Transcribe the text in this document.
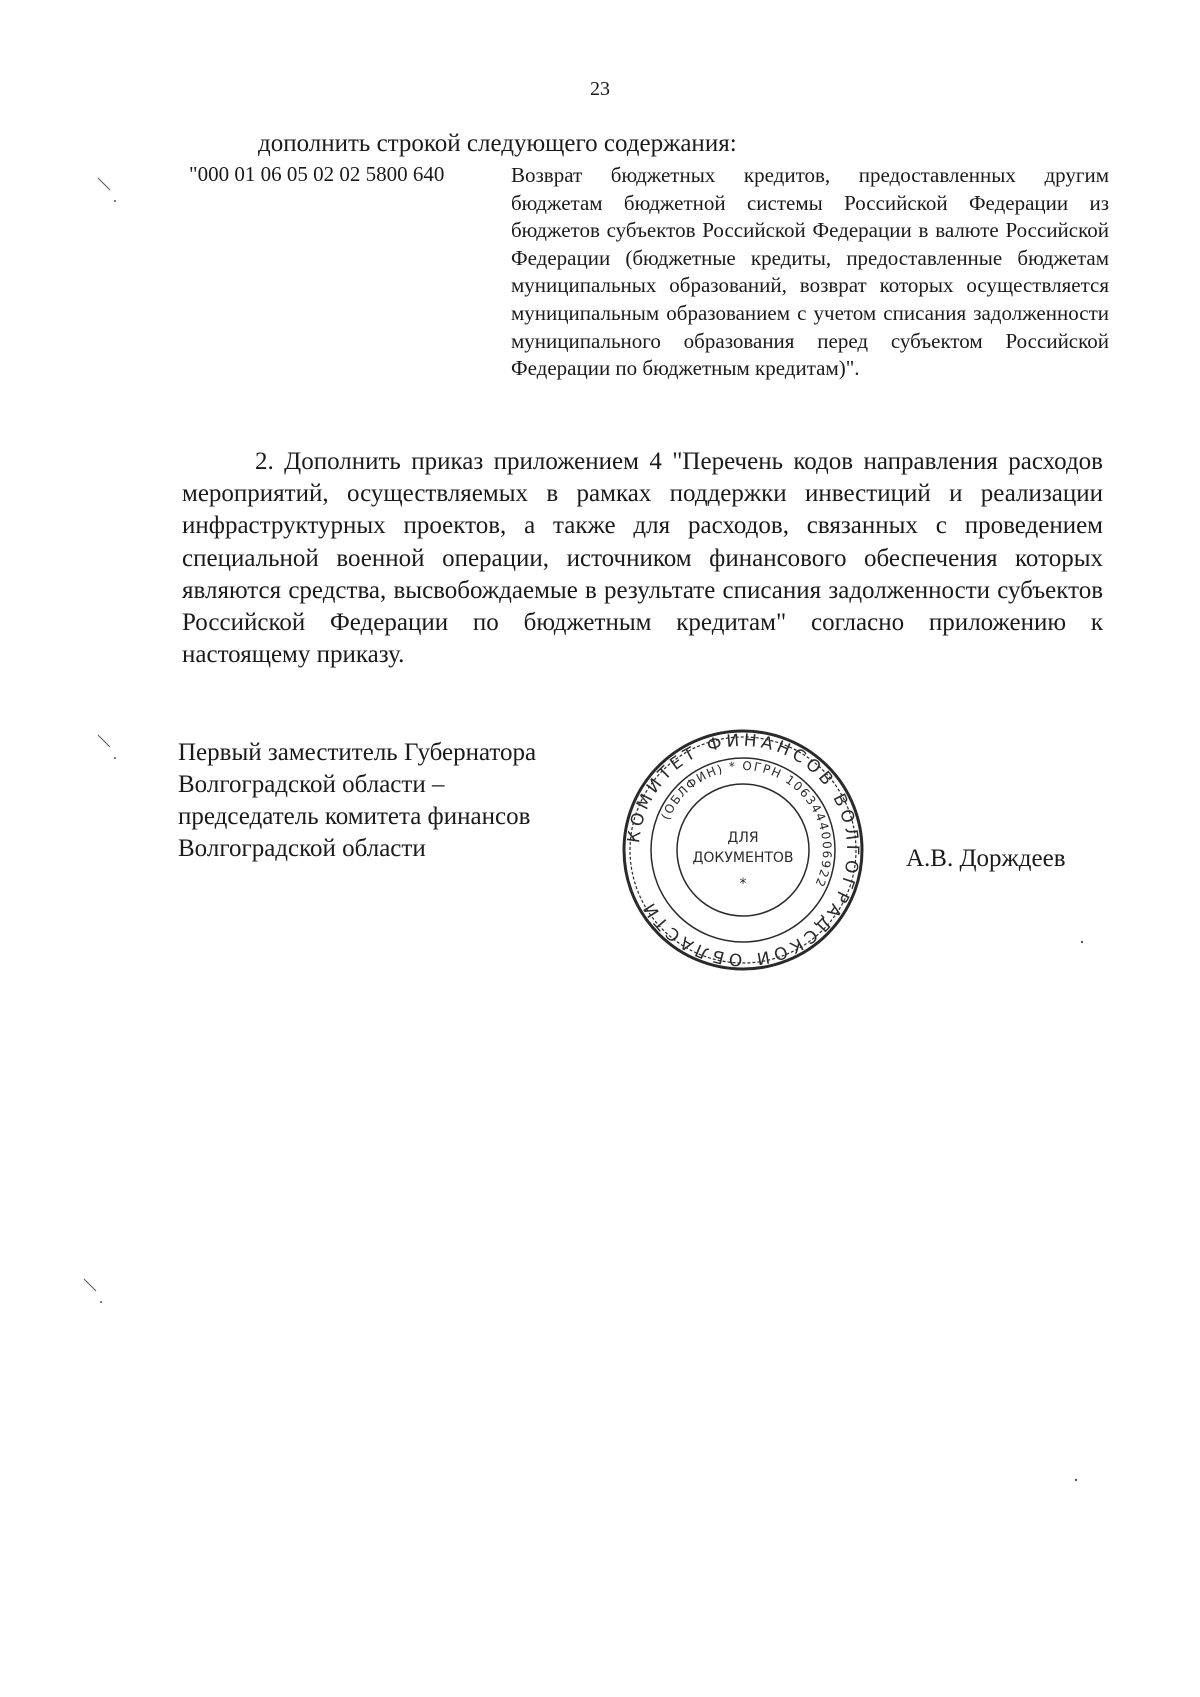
23
дополнить строкой следующего содержания:
"000 01 06 05 02 02 5800 640	Возврат бюджетных кредитов, предоставленных другим бюджетам бюджетной системы Российской Федерации из бюджетов субъектов Российской Федерации в валюте Российской Федерации (бюджетные кредиты, предоставленные бюджетам муниципальных образований, возврат которых осуществляется муниципальным образованием с учетом списания задолженности муниципального образования перед субъектом Российской Федерации по бюджетным кредитам)".
2. Дополнить приказ приложением 4 "Перечень кодов направления расходов мероприятий, осуществляемых в рамках поддержки инвестиций и реализации инфраструктурных проектов, а также для расходов, связанных с проведением специальной военной операции, источником финансового обеспечения которых являются средства, высвобождаемые в результате списания задолженности субъектов Российской Федерации по бюджетным кредитам" согласно приложению к настоящему приказу.
Первый заместитель Губернатора
Волгоградской области –
председатель комитета финансов
Волгоградской области
КОМИТЕТ ФИНАНСОВ ВОЛГОГРАДСКОЙ ОБЛАСТИ
(ОБЛФИН) * ОГРН 1063444006922
ДЛЯ
ДОКУМЕНТОВ
*
А.В. Дорждеев
